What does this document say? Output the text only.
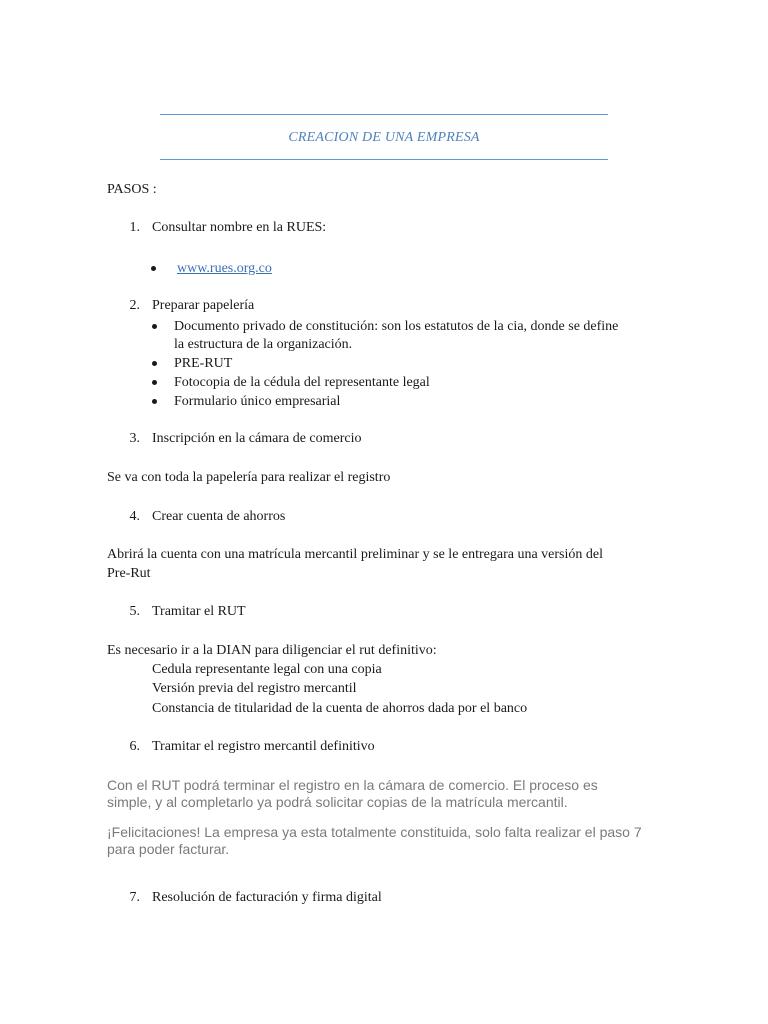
CREACION DE UNA EMPRESA
PASOS :
1. Consultar nombre en la RUES:
www.rues.org.co
2. Preparar papelería
Documento privado de constitución: son los estatutos de la cia, donde se define
la estructura de la organización.
PRE-RUT
Fotocopia de la cédula del representante legal
Formulario único empresarial
3. Inscripción en la cámara de comercio
Se va con toda la papelería para realizar el registro
4. Crear cuenta de ahorros
Abrirá la cuenta con una matrícula mercantil preliminar y se le entregara una versión del
Pre-Rut
5. Tramitar el RUT
Es necesario ir a la DIAN para diligenciar el rut definitivo:
Cedula representante legal con una copia
Versión previa del registro mercantil
Constancia de titularidad de la cuenta de ahorros dada por el banco
6. Tramitar el registro mercantil definitivo
Con el RUT podrá terminar el registro en la cámara de comercio. El proceso es
simple, y al completarlo ya podrá solicitar copias de la matrícula mercantil.
¡Felicitaciones! La empresa ya esta totalmente constituida, solo falta realizar el paso 7
para poder facturar.
7. Resolución de facturación y firma digital
